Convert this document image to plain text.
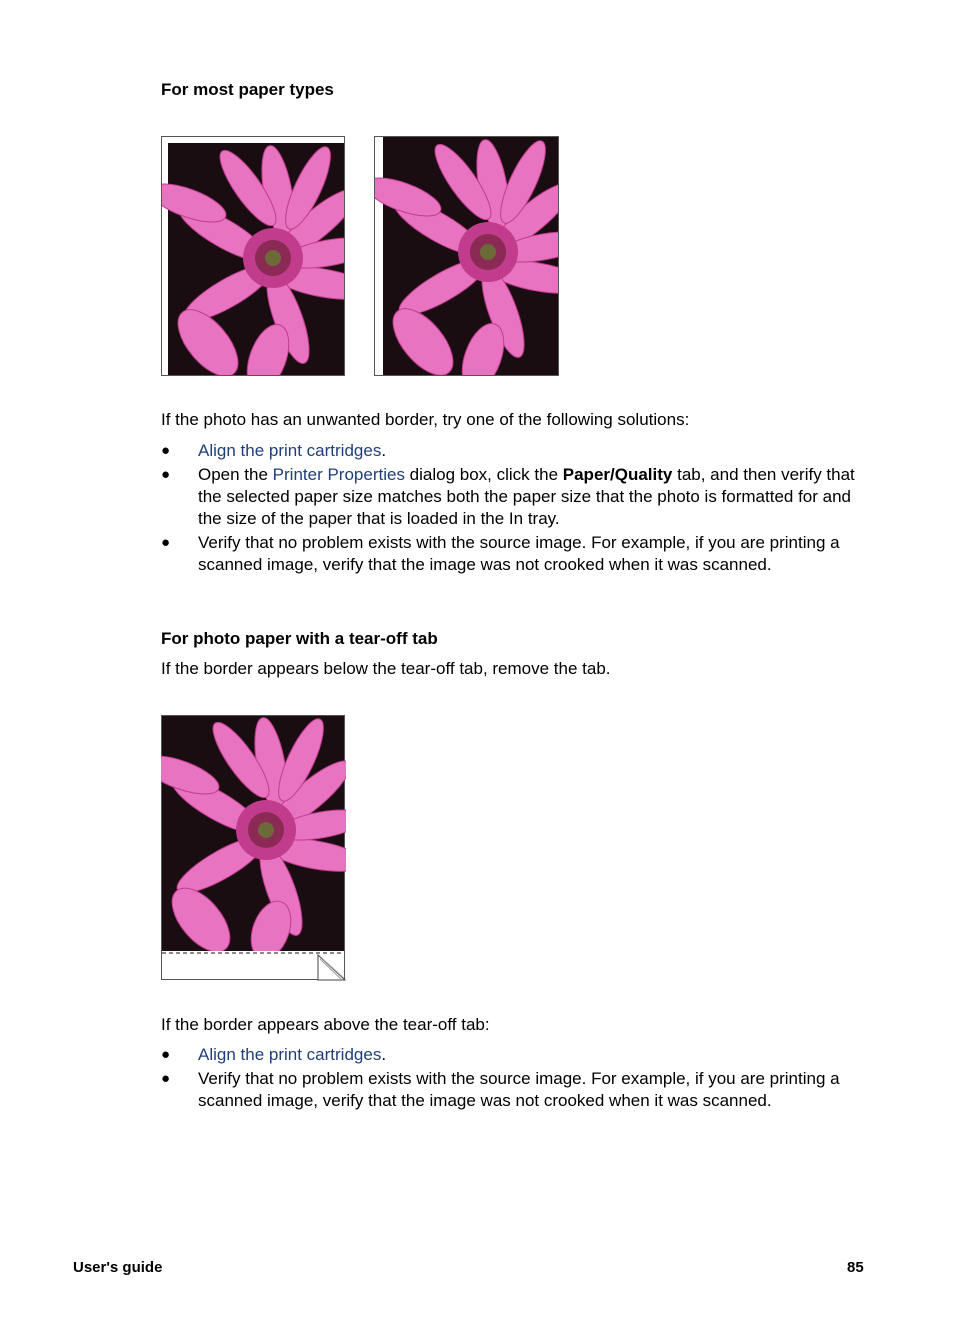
For most paper types
If the photo has an unwanted border, try one of the following solutions:
●	Align the print cartridges.
●	Open the Printer Properties dialog box, click the Paper/Quality tab, and then verify that the selected paper size matches both the paper size that the photo is formatted for and the size of the paper that is loaded in the In tray.
●	Verify that no problem exists with the source image. For example, if you are printing a scanned image, verify that the image was not crooked when it was scanned.
For photo paper with a tear-off tab
If the border appears below the tear-off tab, remove the tab.
If the border appears above the tear-off tab:
●	Align the print cartridges.
●	Verify that no problem exists with the source image. For example, if you are printing a scanned image, verify that the image was not crooked when it was scanned.
User's guide	85
